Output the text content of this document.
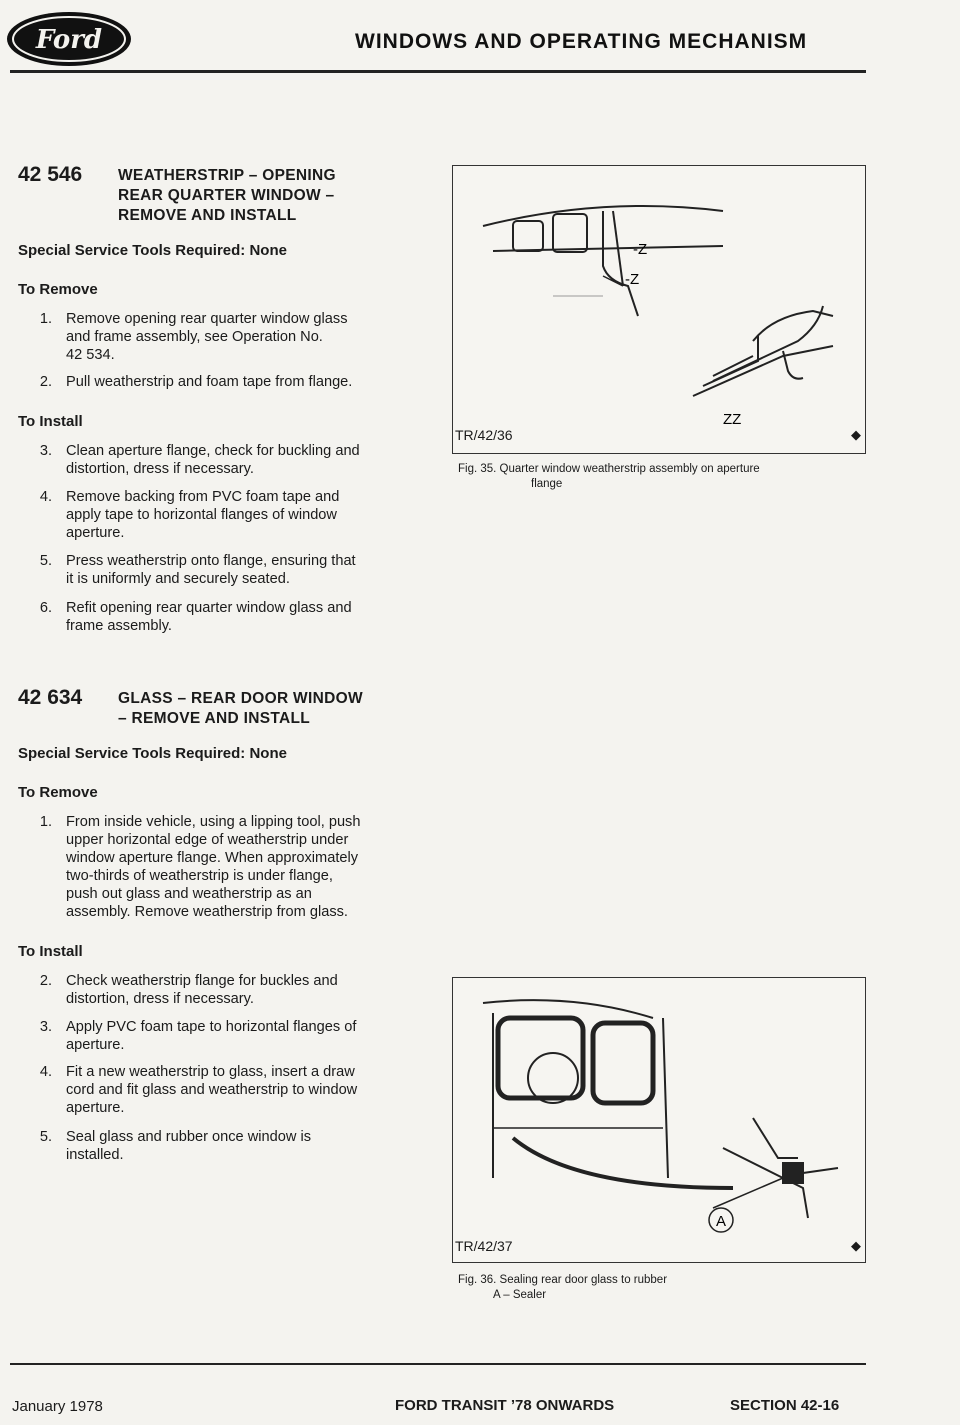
Ford	WINDOWS AND OPERATING MECHANISM
42 546 WEATHERSTRIP – OPENING
REAR QUARTER WINDOW –
REMOVE AND INSTALL
Special Service Tools Required: None
To Remove
1. Remove opening rear quarter window glass
and frame assembly, see Operation No.
42 534.
2. Pull weatherstrip and foam tape from flange.
To Install
3. Clean aperture flange, check for buckling and
distortion, dress if necessary.
4. Remove backing from PVC foam tape and
apply tape to horizontal flanges of window
aperture.
5. Press weatherstrip onto flange, ensuring that
it is uniformly and securely seated.
6. Refit opening rear quarter window glass and
frame assembly.
42 634 GLASS – REAR DOOR WINDOW
– REMOVE AND INSTALL
Special Service Tools Required: None
To Remove
1. From inside vehicle, using a lipping tool, push
upper horizontal edge of weatherstrip under
window aperture flange. When approximately
two-thirds of weatherstrip is under flange,
push out glass and weatherstrip as an
assembly. Remove weatherstrip from glass.
To Install
2. Check weatherstrip flange for buckles and
distortion, dress if necessary.
3. Apply PVC foam tape to horizontal flanges of
aperture.
4. Fit a new weatherstrip to glass, insert a draw
cord and fit glass and weatherstrip to window
aperture.
5. Seal glass and rubber once window is
installed.
-Z
-Z
ZZ
TR/42/36	◆
Fig. 35. Quarter window weatherstrip assembly on aperture
flange
A
TR/42/37	◆
Fig. 36. Sealing rear door glass to rubber
A – Sealer
January 1978	FORD TRANSIT ’78 ONWARDS	SECTION 42-16
